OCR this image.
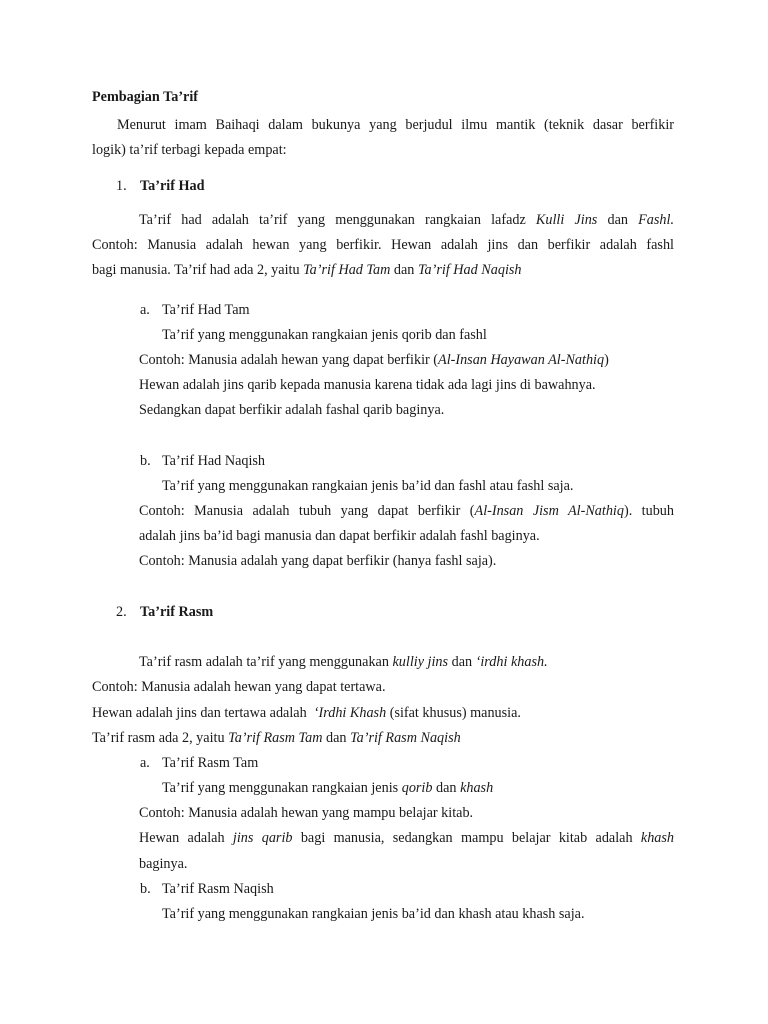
Pembagian Ta’rif
Menurut imam Baihaqi dalam bukunya yang berjudul ilmu mantik (teknik dasar berfikir
logik) ta’rif terbagi kepada empat:
1. Ta’rif Had
Ta’rif had adalah ta’rif yang menggunakan rangkaian lafadz Kulli Jins dan Fashl.
Contoh: Manusia adalah hewan yang berfikir. Hewan adalah jins dan berfikir adalah fashl
bagi manusia. Ta’rif had ada 2, yaitu Ta’rif Had Tam dan Ta’rif Had Naqish
a. Ta’rif Had Tam
Ta’rif yang menggunakan rangkaian jenis qorib dan fashl
Contoh: Manusia adalah hewan yang dapat berfikir (Al-Insan Hayawan Al-Nathiq)
Hewan adalah jins qarib kepada manusia karena tidak ada lagi jins di bawahnya.
Sedangkan dapat berfikir adalah fashal qarib baginya.
b. Ta’rif Had Naqish
Ta’rif yang menggunakan rangkaian jenis ba’id dan fashl atau fashl saja.
Contoh: Manusia adalah tubuh yang dapat berfikir (Al-Insan Jism Al-Nathiq). tubuh
adalah jins ba’id bagi manusia dan dapat berfikir adalah fashl baginya.
Contoh: Manusia adalah yang dapat berfikir (hanya fashl saja).
2. Ta’rif Rasm
Ta’rif rasm adalah ta’rif yang menggunakan kulliy jins dan ‘irdhi khash.
Contoh: Manusia adalah hewan yang dapat tertawa.
Hewan adalah jins dan tertawa adalah ‘Irdhi Khash (sifat khusus) manusia.
Ta’rif rasm ada 2, yaitu Ta’rif Rasm Tam dan Ta’rif Rasm Naqish
a. Ta’rif Rasm Tam
Ta’rif yang menggunakan rangkaian jenis qorib dan khash
Contoh: Manusia adalah hewan yang mampu belajar kitab.
Hewan adalah jins qarib bagi manusia, sedangkan mampu belajar kitab adalah khash
baginya.
b. Ta’rif Rasm Naqish
Ta’rif yang menggunakan rangkaian jenis ba’id dan khash atau khash saja.
